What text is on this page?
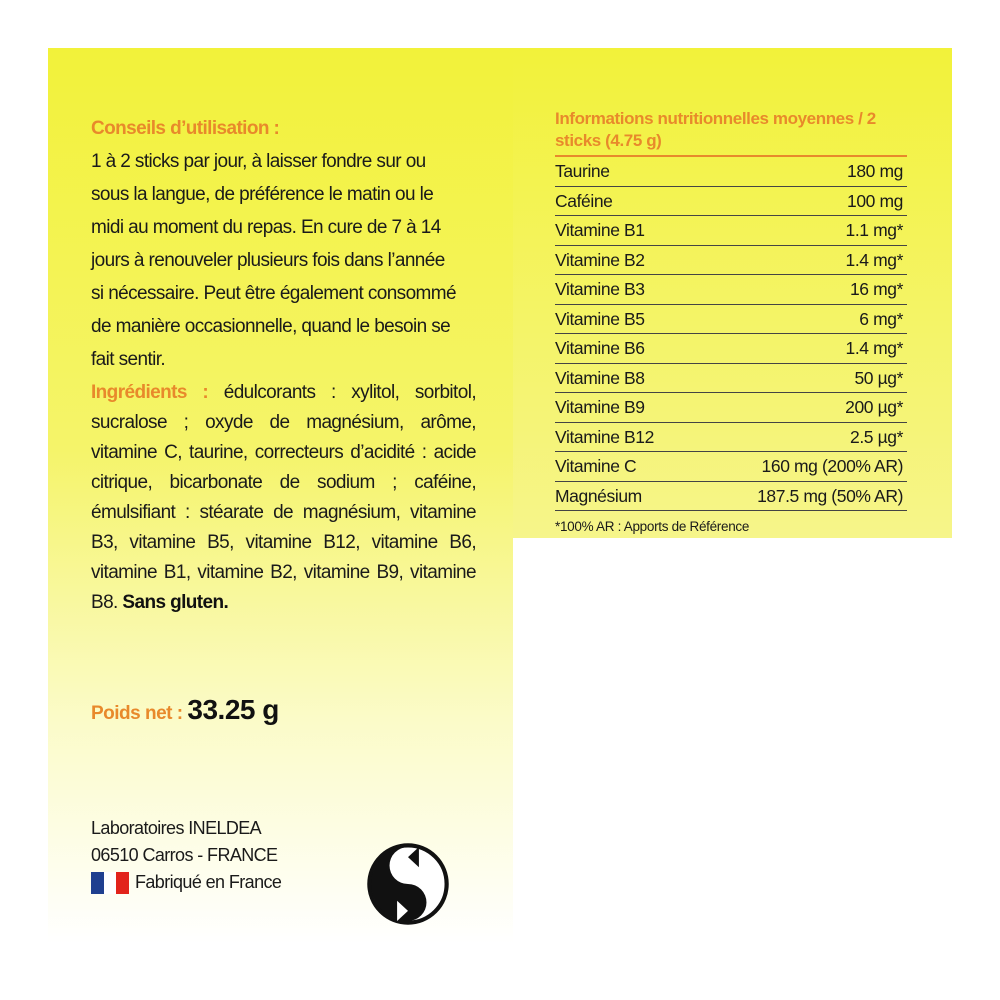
Conseils d’utilisation :
1 à 2 sticks par jour, à laisser fondre sur ou
sous la langue, de préférence le matin ou le
midi au moment du repas. En cure de 7 à 14
jours à renouveler plusieurs fois dans l’année
si nécessaire. Peut être également consommé
de manière occasionnelle, quand le besoin se
fait sentir.
Ingrédients : édulcorants : xylitol, sorbitol, sucralose ; oxyde de magnésium, arôme, vitamine C, taurine, correcteurs d’acidité : acide citrique, bicarbonate de sodium ; caféine, émulsifiant : stéarate de magnésium, vitamine B3, vitamine B5, vitamine B12, vitamine B6, vitamine B1, vitamine B2, vitamine B9, vitamine B8. Sans gluten.
Poids net : 33.25 g
Laboratoires INELDEA
06510 Carros - FRANCE
Fabriqué en France
Informations nutritionnelles moyennes / 2 sticks (4.75 g)
Taurine	180 mg
Caféine	100 mg
Vitamine B1	1.1 mg*
Vitamine B2	1.4 mg*
Vitamine B3	16 mg*
Vitamine B5	6 mg*
Vitamine B6	1.4 mg*
Vitamine B8	50 µg*
Vitamine B9	200 µg*
Vitamine B12	2.5 µg*
Vitamine C	160 mg (200% AR)
Magnésium	187.5 mg (50% AR)
*100% AR : Apports de Référence
